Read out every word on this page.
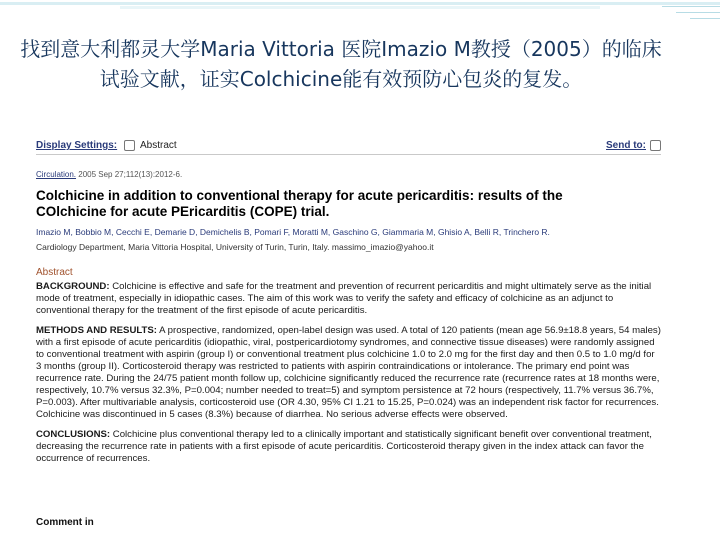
找到意大利都灵大学Maria Vittoria 医院Imazio M教授（2005）的临床试验文献，证实Colchicine能有效预防心包炎的复发。
Display Settings: Abstract	Send to:
Circulation. 2005 Sep 27;112(13):2012-6.
Colchicine in addition to conventional therapy for acute pericarditis: results of the COlchicine for acute PEricarditis (COPE) trial.
Imazio M, Bobbio M, Cecchi E, Demarie D, Demichelis B, Pomari F, Moratti M, Gaschino G, Giammaria M, Ghisio A, Belli R, Trinchero R.
Cardiology Department, Maria Vittoria Hospital, University of Turin, Turin, Italy. massimo_imazio@yahoo.it
Abstract

BACKGROUND: Colchicine is effective and safe for the treatment and prevention of recurrent pericarditis and might ultimately serve as the initial mode of treatment, especially in idiopathic cases. The aim of this work was to verify the safety and efficacy of colchicine as an adjunct to conventional therapy for the treatment of the first episode of acute pericarditis.

METHODS AND RESULTS: A prospective, randomized, open-label design was used. A total of 120 patients (mean age 56.9±18.8 years, 54 males) with a first episode of acute pericarditis (idiopathic, viral, postpericardiotomy syndromes, and connective tissue diseases) were randomly assigned to conventional treatment with aspirin (group I) or conventional treatment plus colchicine 1.0 to 2.0 mg for the first day and then 0.5 to 1.0 mg/d for 3 months (group II). Corticosteroid therapy was restricted to patients with aspirin contraindications or intolerance. The primary end point was recurrence rate. During the 24/75 patient month follow up, colchicine significantly reduced the recurrence rate (recurrence rates at 18 months were, respectively, 10.7% versus 32.3%, P=0.004; number needed to treat=5) and symptom persistence at 72 hours (respectively, 11.7% versus 36.7%, P=0.003). After multivariable analysis, corticosteroid use (OR 4.30, 95% CI 1.21 to 15.25, P=0.024) was an independent risk factor for recurrences. Colchicine was discontinued in 5 cases (8.3%) because of diarrhea. No serious adverse effects were observed.

CONCLUSIONS: Colchicine plus conventional therapy led to a clinically important and statistically significant benefit over conventional treatment, decreasing the recurrence rate in patients with a first episode of acute pericarditis. Corticosteroid therapy given in the index attack can favor the occurrence of recurrences.

Comment in
